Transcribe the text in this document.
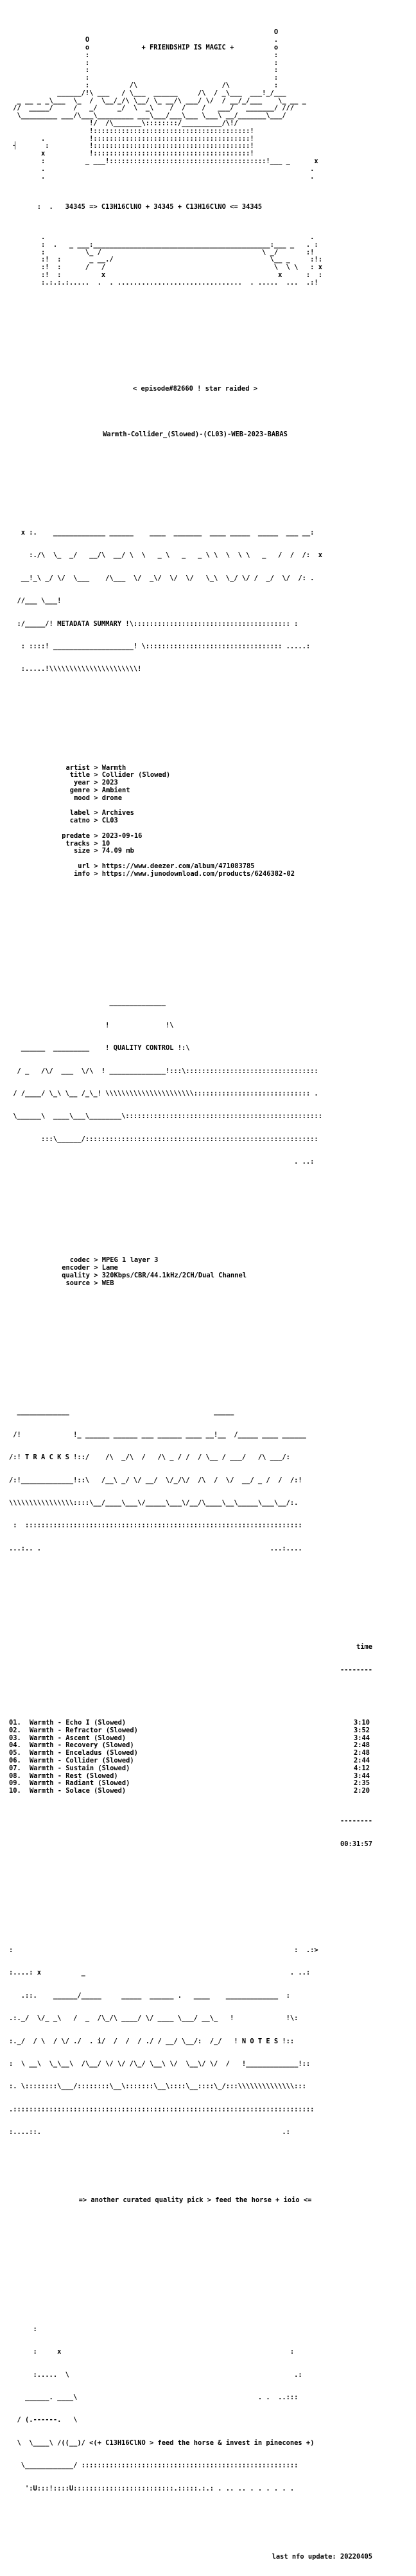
O
O                                              .
o             + FRIENDSHIP IS MAGIC +          o
:                                              :
:                                              :
:                                              :
:                                              :
:          /\                     /\           :
______/!\ ___   / \___  ______     /\  / _\___  ___!_/___
_ __ _ _\___  \_  /  \__/_/\ \__/ \_ __/\ ___/ \/  / __/_/___    \_ __ _
//  _____/     /   _/     _/  \  _\    /  /    /   ___/   _______/ ///
\_________ ___/\___\_________ ___\___/___\___ \___\ __/_______\___/
!/  /\_______\::::::::/__________/\!/
!:::::::::::::::::::::::::::::::::::::::!
.           !:::::::::::::::::::::::::::::::::::::::!
┤       :          !:::::::::::::::::::::::::::::::::::::::!
x           !:::::::::::::::::::::::::::::::::::::::!
:          _ ___!:::::::::::::::::::::::::::::::::::::::!___ _      x
.                                                                  .
.                                                                  .

:  .   34345 => C13H16ClNO + 34345 + C13H16ClNO <= 34345

.                                                                  .
:  .   _ ___:____________________________________________:___ _   . :
:          \_ /                                        \ _/       :!
:!  :       _ __./                                       \__ _     :!:
:!  :      /   /                                          \  \ \   : x
:!  :          x                                           x      :  :
:.:.:.:.....  .  . ...............................  . .....  ...  .:!

< episode#82660 ! star raided >

Warmth-Collider_(Slowed)-(CL03)-WEB-2023-BABAS

x :.    _____________ ______    ____  _______  ____ _____  _____  ___ __:

:./\  \_  _/   __/\  __/ \  \   _ \   _   _ \ \  \  \ \   _   /  /  /:  x

__!_\ _/ \/  \___    /\___  \/  _\/  \/  \/   \_\  \_/ \/ /  _/  \/  /: .

//___ \___!

:/_____/! METADATA SUMMARY !\::::::::::::::::::::::::::::::::::::::: :

: ::::! ____________________! \:::::::::::::::::::::::::::::::::: .....:

:.....!\\\\\\\\\\\\\\\\\\\\\\!

artist > Warmth
title > Collider (Slowed)
year > 2023
genre > Ambient
mood > drone
label > Archives
catno > CL03
predate > 2023-09-16
tracks > 10
size > 74.09 mb
url > https://www.deezer.com/album/471083785
info > https://www.junodownload.com/products/6246382-02

______________

!              !\

______  _________    ! QUALITY CONTROL !:\

/ _   /\/  ___  \/\  ! ______________!:::\:::::::::::::::::::::::::::::::::

/ /____/ \_\ \__ /_\_! \\\\\\\\\\\\\\\\\\\\\\::::::::::::::::::::::::::::: .

\______\  ____\___\________\:::::::::::::::::::::::::::::::::::::::::::::::::

:::\______/::::::::::::::::::::::::::::::::::::::::::::::::::::::::::

. ..:

codec > MPEG 1 layer 3
encoder > Lame
quality > 320Kbps/CBR/44.1kHz/2CH/Dual Channel
source > WEB

_____________                                    _____

/!             !_ ______ ______ ___ ______ ____ __!__  /_____ ____ ______

/:! T R A C K S !::/    /\  _/\  /   /\ _ / /  / \__ / ___/   /\ ___/:

/:!_____________!::\   /__\ _/ \/ __/  \/_/\/  /\  /  \/  __/ _ /  /  /:!

\\\\\\\\\\\\\\\\::::\__/____\___\/_____\___\/__/\____\__\_____\___\__/:.

:  :::::::::::::::::::::::::::::::::::::::::::::::::::::::::::::::::::::

...:.. .                                                         ...:....

time

--------

01. Warmth - Echo I (Slowed)	3:10
02. Warmth - Refractor (Slowed)	3:52
03. Warmth - Ascent (Slowed)	3:44
04. Warmth - Recovery (Slowed)	2:48
05. Warmth - Enceladus (Slowed)	2:48
06. Warmth - Collider (Slowed)	2:44
07. Warmth - Sustain (Slowed)	4:12
08. Warmth - Rest (Slowed)	3:44
09. Warmth - Radiant (Slowed)	2:35
10. Warmth - Solace (Slowed)	2:20

--------

00:31:57

:                                                                      :  .:>

:....: x          _                                                   . ..:

.::.    ______/_____     _____  ______ .   ____    _____________  :

.:._/  \/_ _\   /  _  /\_/\ ____/ \/ ____ \___/ __\_   !             !\:

:._/  / \  / \/ ./  . i/  /  /  / ./ / __/ \__/:  /_/   ! N O T E S !::

:  \ __\  \_\__\  /\__/ \/ \/ /\_/ \__\ \/  \__\/ \/  /   !_____________!::

:. \::::::::\___/::::::::\__\:::::::\__\::::\__::::\_/:::\\\\\\\\\\\\\\:::

.:::::::::::::::::::::::::::::::::::::::::::::::::::::::::::::::::::::::::::

:....::.                                                            .:

=> another curated quality pick > feed the horse + ioio <=

:

:     x                                                         :

:.....  \                                                        .:

______. ____\                                             . .  ..:::

/ (.------.   \

\  \____\ /((__)/ <(+ C13H16ClNO > feed the horse & invest in pinecones +)

\____________/ ::::::::::::::::::::::::::::::::::::::::::::::::::::::

':U:::!::::U:::::::::::::::::::::::::.:::::.:.: . .. .. . . . . . .

last nfo update: 20220405
